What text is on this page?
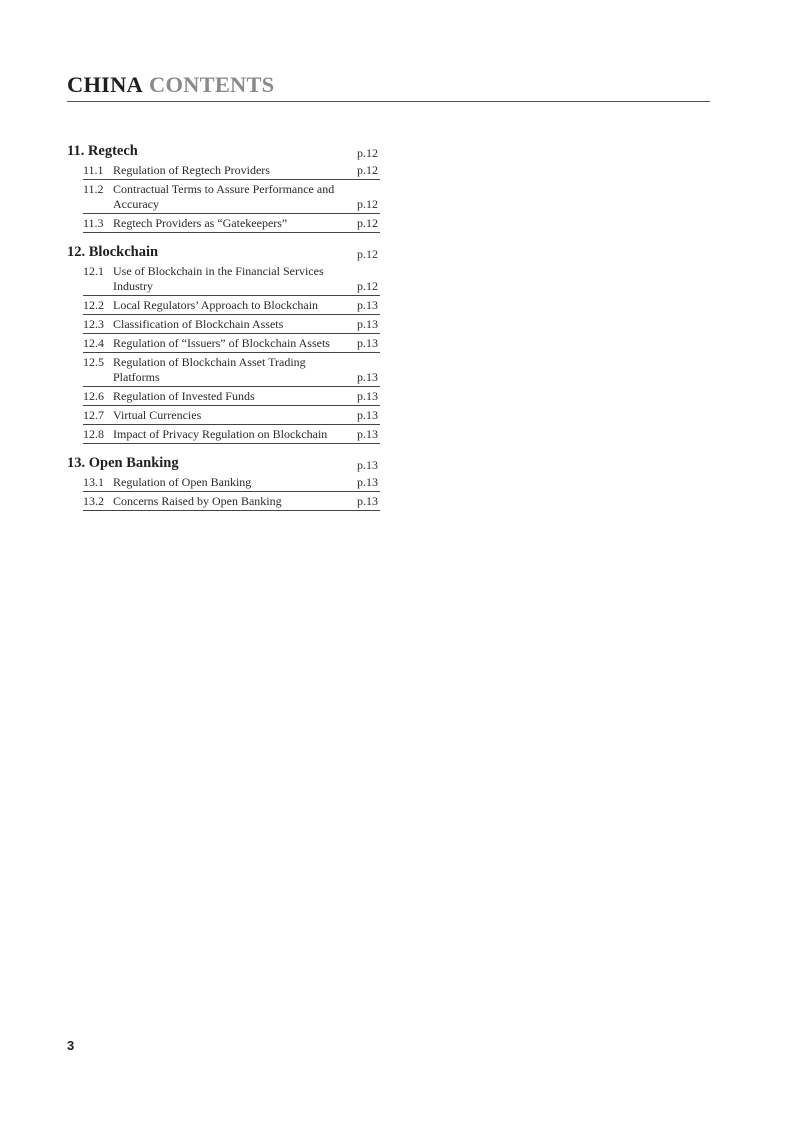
CHINA CONTENTS
11. Regtech	p.12
11.1 Regulation of Regtech Providers	p.12
11.2 Contractual Terms to Assure Performance and Accuracy	p.12
11.3 Regtech Providers as “Gatekeepers”	p.12
12. Blockchain	p.12
12.1 Use of Blockchain in the Financial Services Industry	p.12
12.2 Local Regulators’ Approach to Blockchain	p.13
12.3 Classification of Blockchain Assets	p.13
12.4 Regulation of “Issuers” of Blockchain Assets	p.13
12.5 Regulation of Blockchain Asset Trading Platforms	p.13
12.6 Regulation of Invested Funds	p.13
12.7 Virtual Currencies	p.13
12.8 Impact of Privacy Regulation on Blockchain	p.13
13. Open Banking	p.13
13.1 Regulation of Open Banking	p.13
13.2 Concerns Raised by Open Banking	p.13
3
